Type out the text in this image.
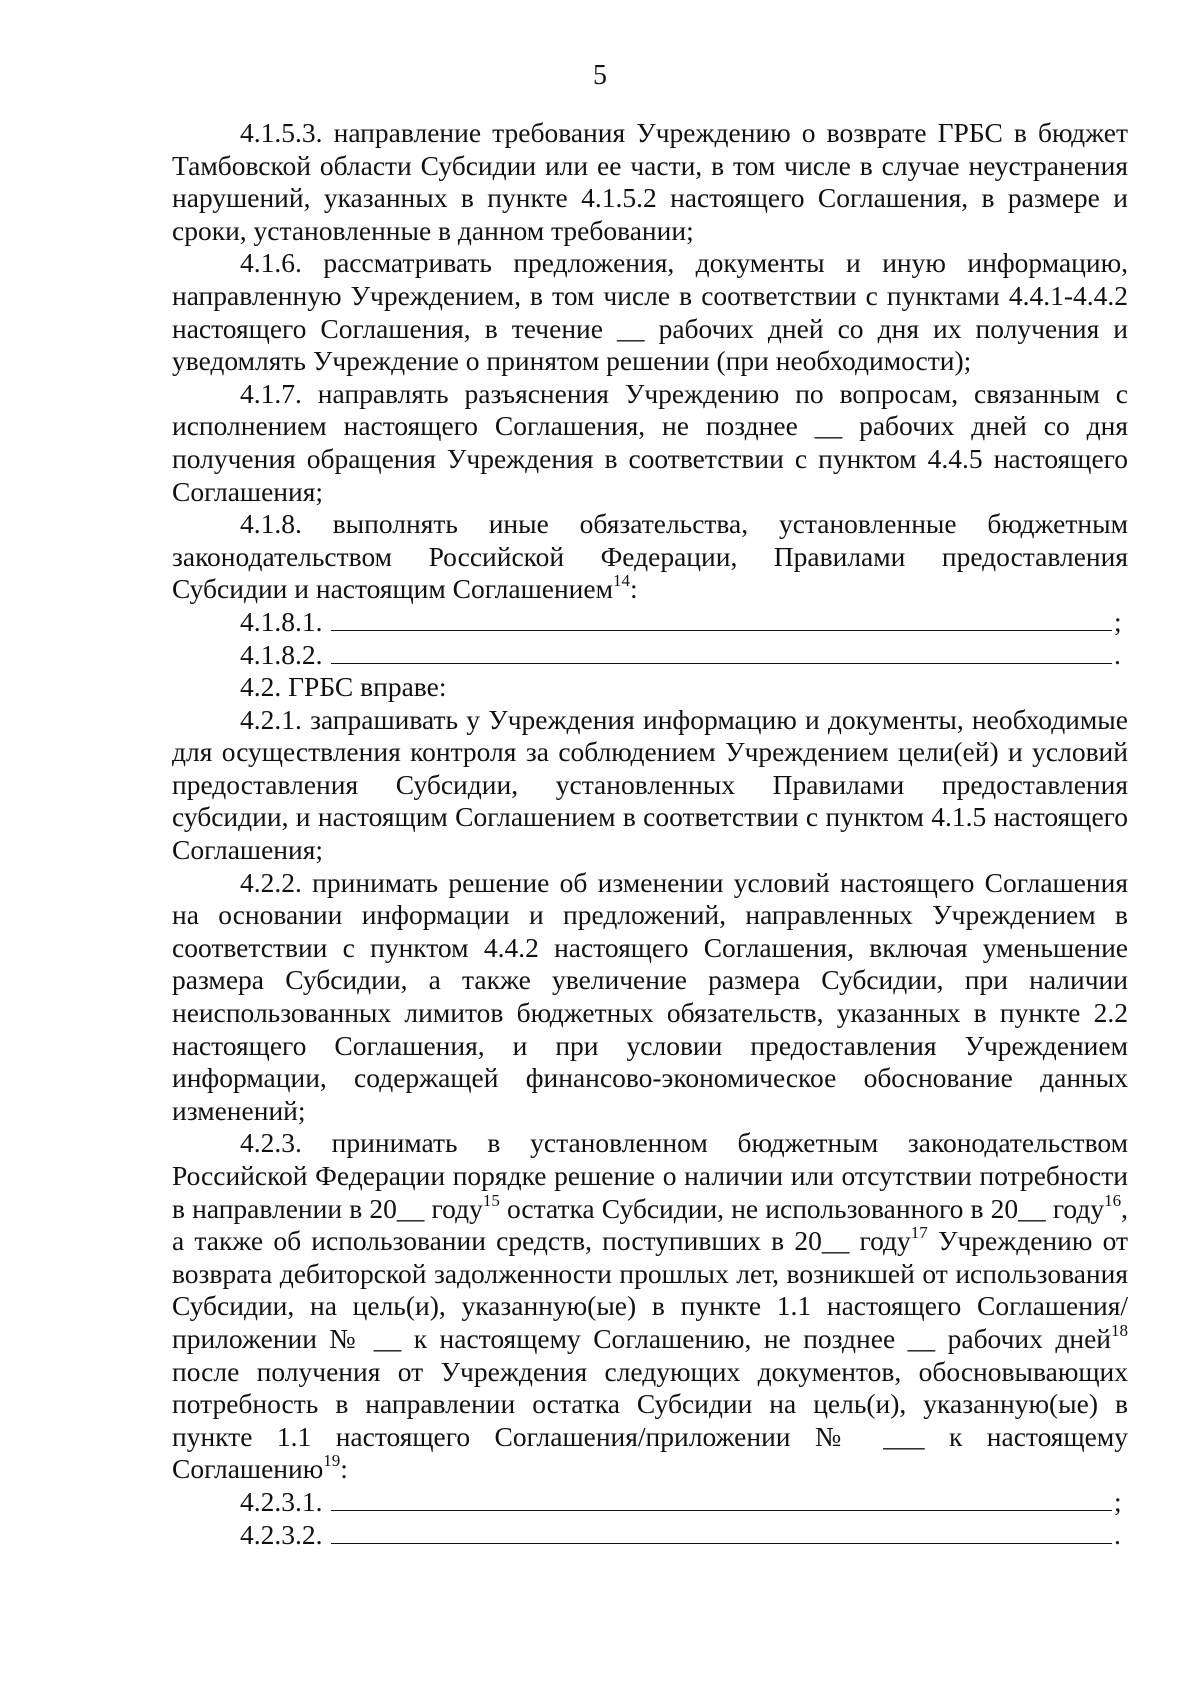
5

4.1.5.3. направление требования Учреждению о возврате ГРБС в бюджет Тамбовской области Субсидии или ее части, в том числе в случае неустранения нарушений, указанных в пункте 4.1.5.2 настоящего Соглашения, в размере и сроки, установленные в данном требовании;

4.1.6. рассматривать предложения, документы и иную информацию, направленную Учреждением, в том числе в соответствии с пунктами 4.4.1-4.4.2 настоящего Соглашения, в течение __ рабочих дней со дня их получения и уведомлять Учреждение о принятом решении (при необходимости);

4.1.7. направлять разъяснения Учреждению по вопросам, связанным с исполнением настоящего Соглашения, не позднее __ рабочих дней со дня получения обращения Учреждения в соответствии с пунктом 4.4.5 настоящего Соглашения;

4.1.8. выполнять иные обязательства, установленные бюджетным законодательством Российской Федерации, Правилами предоставления Субсидии и настоящим Соглашением$^{14}$:

4.1.8.1.	;
4.1.8.2.	.

4.2. ГРБС вправе:

4.2.1. запрашивать у Учреждения информацию и документы, необходимые для осуществления контроля за соблюдением Учреждением цели(ей) и условий предоставления Субсидии, установленных Правилами предоставления субсидии, и настоящим Соглашением в соответствии с пунктом 4.1.5 настоящего Соглашения;

4.2.2. принимать решение об изменении условий настоящего Соглашения на основании информации и предложений, направленных Учреждением в соответствии с пунктом 4.4.2 настоящего Соглашения, включая уменьшение размера Субсидии, а также увеличение размера Субсидии, при наличии неиспользованных лимитов бюджетных обязательств, указанных в пункте 2.2 настоящего Соглашения, и при условии предоставления Учреждением информации, содержащей финансово-экономическое обоснование данных изменений;

4.2.3. принимать в установленном бюджетным законодательством Российской Федерации порядке решение о наличии или отсутствии потребности в направлении в 20__ году$^{15}$ остатка Субсидии, не использованного в 20__ году$^{16}$, а также об использовании средств, поступивших в 20__ году$^{17}$ Учреждению от возврата дебиторской задолженности прошлых лет, возникшей от использования Субсидии, на цель(и), указанную(ые) в пункте 1.1 настоящего Соглашения/приложении № __ к настоящему Соглашению, не позднее __ рабочих дней$^{18}$ после получения от Учреждения следующих документов, обосновывающих потребность в направлении остатка Субсидии на цель(и), указанную(ые) в пункте 1.1 настоящего Соглашения/приложении № ___ к настоящему Соглашению$^{19}$:

4.2.3.1.	;
4.2.3.2.	.
